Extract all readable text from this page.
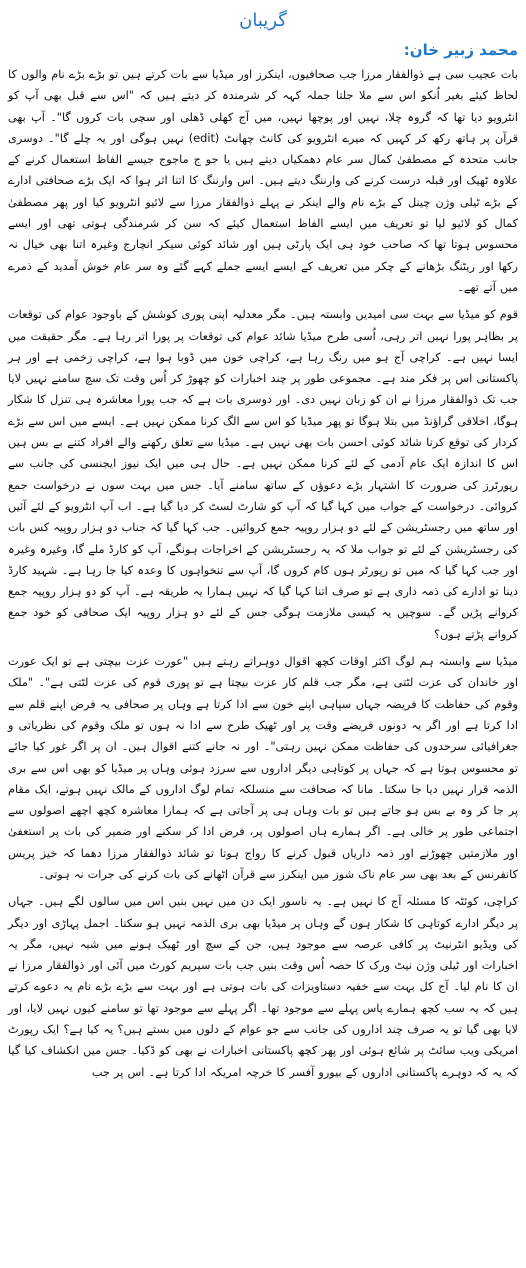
گریبان
محمد زبیر خان:

بات عجیب سی ہے ذوالفقار مرزا جب صحافیوں، اینکرز اور میڈیا سے بات کرتے ہیں تو بڑے بڑے نام والوں کا لحاظ کیئے بغیر اُنکو اس سے ملا جلتا جملہ کہہ کر شرمندہ کر دیتے ہیں کہ "اس سے قبل بھی آپ کو انٹرویو دیا تھا کہ گروہ چلا، نہیں اور پوچھا نہیں، میں آج کھلی ڈھلی اور سچی بات کروں گا"۔ آپ بھی قرآن پر ہاتھ رکھ کر کہیں کہ میرے انٹرویو کی کانٹ چھانٹ (edit) نہیں ہوگی اور یہ چلے گا"۔ دوسری جانب متحدہ کے مصطفیٰ کمال سر عام دھمکیاں دیتے ہیں یا جو ج ماجوج جیسے الفاظ استعمال کرنے کے علاوہ ٹھیک اور قبلہ درست کرنے کی وارننگ دیتے ہیں۔ اس وارننگ کا اتنا اثر ہوا کہ ایک بڑے صحافتی ادارے کے بڑے ٹیلی وژن چینل کے بڑے نام والے اینکر نے پہلے ذوالفقار مرزا سے لائیو انٹرویو کیا اور پھر مصطفیٰ کمال کو لائیو لیا تو تعریف میں ایسے الفاظ استعمال کیئے کہ سن کر شرمندگی ہوتی تھی اور ایسے محسوس ہوتا تھا کہ صاحب خود ہی ایک پارٹی ہیں اور شائد کوئی سیکر انچارج وغیرہ اتنا بھی خیال نہ رکھا اور ریٹنگ بڑھانے کے چکر میں تعریف کے ایسے ایسے جملے کہے گئے وہ سر عام خوش آمدید کے ذمرے میں آتے تھے۔

قوم کو میڈیا سے بہت سی امیدیں وابستہ ہیں۔ مگر معدلیہ اپنی پوری کوشش کے باوجود عوام کی توقعات پر بظاہر پورا نہیں اتر رہی، اُسی طرح میڈیا شائد عوام کی توقعات پر پورا اتر رہا ہے۔ مگر حقیقت میں ایسا نہیں ہے۔ کراچی آج ہو میں رنگ رہا ہے، کراچی خون میں ڈوبا ہوا ہے، کراچی زخمی ہے اور ہر پاکستانی اس پر فکر مند ہے۔ مجموعی طور پر چند اخبارات کو چھوڑ کر اُس وقت تک سچ سامنے نہیں لایا جب تک ذوالفقار مرزا نے ان کو زبان نہیں دی۔ اور دوسری بات ہے کہ جب پورا معاشرہ ہی تنزل کا شکار ہوگا، اخلاقی گراؤنڈ میں بتلا ہوگا تو پھر میڈیا کو اس سے الگ کرنا ممکن نہیں ہے۔ ایسے میں اس سے بڑے کردار کی توقع کرنا شائد کوئی احسن بات بھی نہیں ہے۔ میڈیا سے تعلق رکھنے والے افراد کتنے بے بس ہیں اس کا اندازہ ایک عام آدمی کے لئے کرنا ممکن نہیں ہے۔ حال ہی میں ایک نیوز ایجنسی کی جانب سے رپورٹرز کی ضرورت کا اشتہار بڑے دعوؤں کے ساتھ سامنے آیا۔ جس میں بہت سوں نے درخواست جمع کروائی۔ درخواست کے جواب میں کہا گیا کہ آپ کو شارٹ لسٹ کر دیا گیا ہے۔ اب آپ انٹرویو کے لئے آئیں اور ساتھ میں رجسٹریشن کے لئے دو ہزار روپیہ جمع کروائیں۔ جب کہا گیا کہ جناب دو ہزار روپیہ کس بات کی رجسٹریشن کے لئے تو جواب ملا کہ یہ رجسٹریشن کے اخراجات ہونگے، آپ کو کارڈ ملے گا، وغیرہ وغیرہ اور جب کہا گیا کہ میں تو رپورٹر ہوں کام کروں گا، آپ سے تنخواہوں کا وعدہ کیا جا رہا ہے۔ شہید کارڈ دینا تو ادارے کی ذمہ داری ہے تو صرف اتنا کہا گیا کہ نہیں ہمارا یہ طریقہ ہے۔ آپ کو دو ہزار روپیہ جمع کروانے پڑیں گے۔ سوچیں یہ کیسی ملازمت ہوگی جس کے لئے دو ہزار روپیہ ایک صحافی کو خود جمع کروانے پڑتے ہوں؟

میڈیا سے وابستہ ہم لوگ اکثر اوقات کچھ اقوال دوہراتے رہتے ہیں "عورت عزت بیچتی ہے تو ایک عورت اور خاندان کی عزت لٹتی ہے، مگر جب قلم کار عزت بیچتا ہے تو پوری قوم کی عزت لٹتی ہے"۔ "ملک وقوم کی حفاظت کا فریضہ جہاں سپاہی اپنے خون سے ادا کرتا ہے وہاں پر صحافی یہ فرض اپنے قلم سے ادا کرتا ہے اور اگر یہ دونوں فریضے وقت پر اور ٹھیک طرح سے ادا نہ ہوں تو ملک وقوم کی نظریاتی و جغرافیائی سرحدوں کی حفاظت ممکن نہیں رہتی"۔ اور نہ جانے کتنے اقوال ہیں۔ ان پر اگر غور کیا جائے تو محسوس ہوتا ہے کہ جہاں پر کوتاہی دیگر اداروں سے سرزد ہوئی وہاں پر میڈیا کو بھی اس سے بری الذمہ قرار نہیں دیا جا سکتا۔ مانا کہ صحافت سے منسلکہ تمام لوگ اداروں کے مالک نہیں ہوتے، ایک مقام پر جا کر وہ بے بس ہو جاتے ہیں تو بات وہاں ہی پر آجاتی ہے کہ ہمارا معاشرہ کچھ اچھے اصولوں سے اجتماعی طور پر خالی ہے۔ اگر ہمارے ہاں اصولوں پر، فرض ادا کر سکنے اور ضمیر کی بات پر استعفیٰ اور ملازمتیں چھوڑنے اور ذمہ داریاں قبول کرنے کا رواج ہوتا تو شائد ذوالفقار مرزا دھما کہ خیز پریس کانفرنس کے بعد بھی سر عام ناک شوز میں اینکرز سے قرآن اٹھانے کی بات کرنے کی جرات نہ ہوتی۔

کراچی، کوئٹہ کا مسئلہ آج کا نہیں ہے۔ یہ ناسور ایک دن میں نہیں بنیں اس میں سالوں لگے ہیں۔ جہاں پر دیگر ادارے کوتاہی کا شکار ہوں گے وہاں پر میڈیا بھی بری الذمہ نہیں ہو سکتا۔ اجمل پہاڑی اور دیگر کی ویڈیو انٹرنیٹ پر کافی عرصہ سے موجود ہیں، جن کے سچ اور ٹھیک ہونے میں شبہ نہیں، مگر یہ اخبارات اور ٹیلی وژن نیٹ ورک کا حصہ اُس وقت بنیں جب بات سپریم کورٹ میں آئی اور ذوالفقار مرزا نے ان کا نام لیا۔ آج کل بہت سے خفیہ دستاویزات کی بات ہوتی ہے اور بہت سے بڑے بڑے نام یہ دعوے کرتے ہیں کہ یہ سب کچھ ہمارے پاس پہلے سے موجود تھا۔ اگر پہلے سے موجود تھا تو سامنے کیوں نہیں لایا، اور لایا بھی گیا تو یہ صرف چند اداروں کی جانب سے جو عوام کے دلوں میں بستے ہیں؟ یہ کیا ہے؟ ایک رپورٹ امریکی ویب سائٹ پر شائع ہوئی اور پھر کچھ پاکستانی اخبارات نے بھی کو ڈکیا۔ جس میں انکشاف کیا گیا کہ یہ کہ دوہرے پاکستانی اداروں کے بیورو آفسر کا خرچہ امریکہ ادا کرتا ہے۔ اس پر جب
